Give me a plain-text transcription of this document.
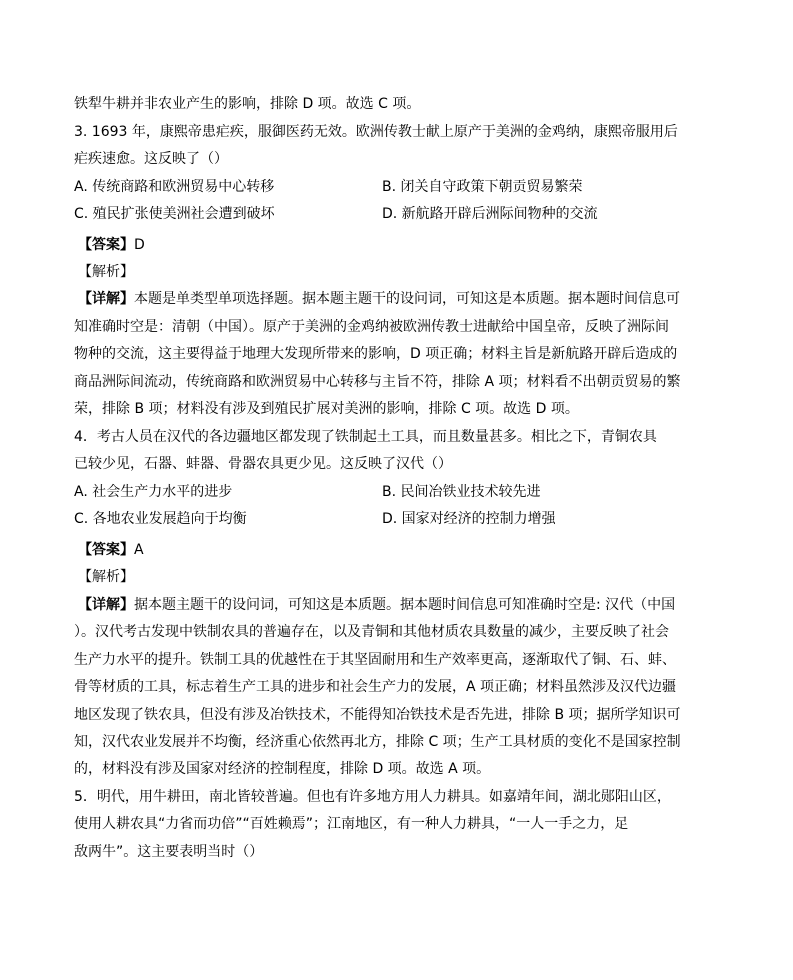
铁犁牛耕并非农业产生的影响，排除 D 项。故选 C 项。
3. 1693 年，康熙帝患疟疾，服御医药无效。欧洲传教士献上原产于美洲的金鸡纳，康熙帝服用后
疟疾速愈。这反映了（）
A. 传统商路和欧洲贸易中心转移	B. 闭关自守政策下朝贡贸易繁荣
C. 殖民扩张使美洲社会遭到破坏	D. 新航路开辟后洲际间物种的交流
【答案】D
【解析】
【详解】本题是单类型单项选择题。据本题主题干的设问词，可知这是本质题。据本题时间信息可
知准确时空是：清朝（中国）。原产于美洲的金鸡纳被欧洲传教士进献给中国皇帝，反映了洲际间
物种的交流，这主要得益于地理大发现所带来的影响，D 项正确；材料主旨是新航路开辟后造成的
商品洲际间流动，传统商路和欧洲贸易中心转移与主旨不符，排除 A 项；材料看不出朝贡贸易的繁
荣，排除 B 项；材料没有涉及到殖民扩展对美洲的影响，排除 C 项。故选 D 项。
4．考古人员在汉代的各边疆地区都发现了铁制起土工具，而且数量甚多。相比之下，青铜农具
已较少见，石器、蚌器、骨器农具更少见。这反映了汉代（）
A. 社会生产力水平的进步	B. 民间冶铁业技术较先进
C. 各地农业发展趋向于均衡	D. 国家对经济的控制力增强
【答案】A
【解析】
【详解】据本题主题干的设问词，可知这是本质题。据本题时间信息可知准确时空是: 汉代（中国
）。汉代考古发现中铁制农具的普遍存在，以及青铜和其他材质农具数量的减少，主要反映了社会
生产力水平的提升。铁制工具的优越性在于其坚固耐用和生产效率更高，逐渐取代了铜、石、蚌、
骨等材质的工具，标志着生产工具的进步和社会生产力的发展，A 项正确；材料虽然涉及汉代边疆
地区发现了铁农具，但没有涉及冶铁技术，不能得知冶铁技术是否先进，排除 B 项；据所学知识可
知，汉代农业发展并不均衡，经济重心依然再北方，排除 C 项；生产工具材质的变化不是国家控制
的，材料没有涉及国家对经济的控制程度，排除 D 项。故选 A 项。
5．明代，用牛耕田，南北皆较普遍。但也有许多地方用人力耕具。如嘉靖年间，湖北郧阳山区，
使用人耕农具“力省而功倍”“百姓赖焉”；江南地区，有一种人力耕具，“一人一手之力，足
敌两牛”。这主要表明当时（）
